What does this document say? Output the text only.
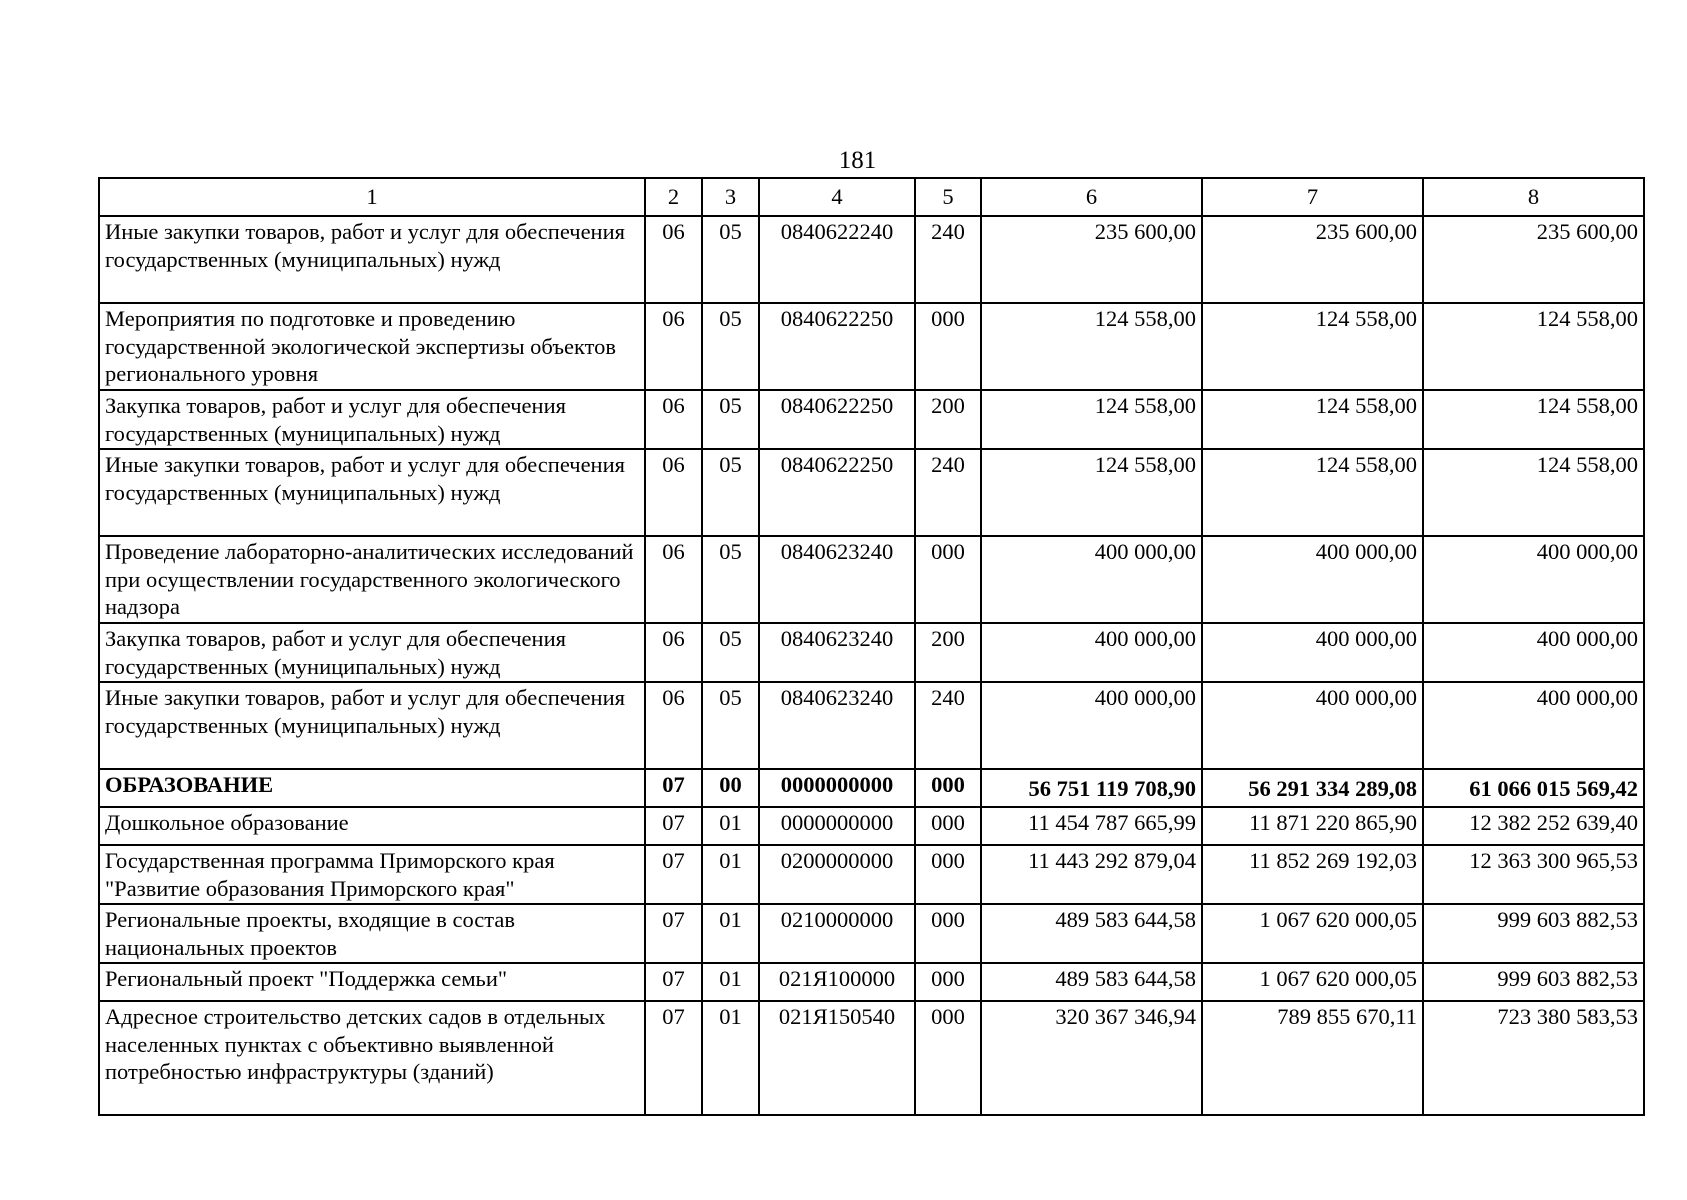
181
1	2	3	4	5	6	7	8
Иные закупки товаров, работ и услуг для обеспечения государственных (муниципальных) нужд	06	05	0840622240	240	235 600,00	235 600,00	235 600,00
Мероприятия по подготовке и проведению государственной экологической экспертизы объектов регионального уровня	06	05	0840622250	000	124 558,00	124 558,00	124 558,00
Закупка товаров, работ и услуг для обеспечения государственных (муниципальных) нужд	06	05	0840622250	200	124 558,00	124 558,00	124 558,00
Иные закупки товаров, работ и услуг для обеспечения государственных (муниципальных) нужд	06	05	0840622250	240	124 558,00	124 558,00	124 558,00
Проведение лабораторно-аналитических исследований при осуществлении государственного экологического надзора	06	05	0840623240	000	400 000,00	400 000,00	400 000,00
Закупка товаров, работ и услуг для обеспечения государственных (муниципальных) нужд	06	05	0840623240	200	400 000,00	400 000,00	400 000,00
Иные закупки товаров, работ и услуг для обеспечения государственных (муниципальных) нужд	06	05	0840623240	240	400 000,00	400 000,00	400 000,00
ОБРАЗОВАНИЕ	07	00	0000000000	000	56 751 119 708,90	56 291 334 289,08	61 066 015 569,42
Дошкольное образование	07	01	0000000000	000	11 454 787 665,99	11 871 220 865,90	12 382 252 639,40
Государственная программа Приморского края "Развитие образования Приморского края"	07	01	0200000000	000	11 443 292 879,04	11 852 269 192,03	12 363 300 965,53
Региональные проекты, входящие в состав национальных проектов	07	01	0210000000	000	489 583 644,58	1 067 620 000,05	999 603 882,53
Региональный проект "Поддержка семьи"	07	01	021Я100000	000	489 583 644,58	1 067 620 000,05	999 603 882,53
Адресное строительство детских садов в отдельных населенных пунктах с объективно выявленной потребностью инфраструктуры (зданий)	07	01	021Я150540	000	320 367 346,94	789 855 670,11	723 380 583,53
